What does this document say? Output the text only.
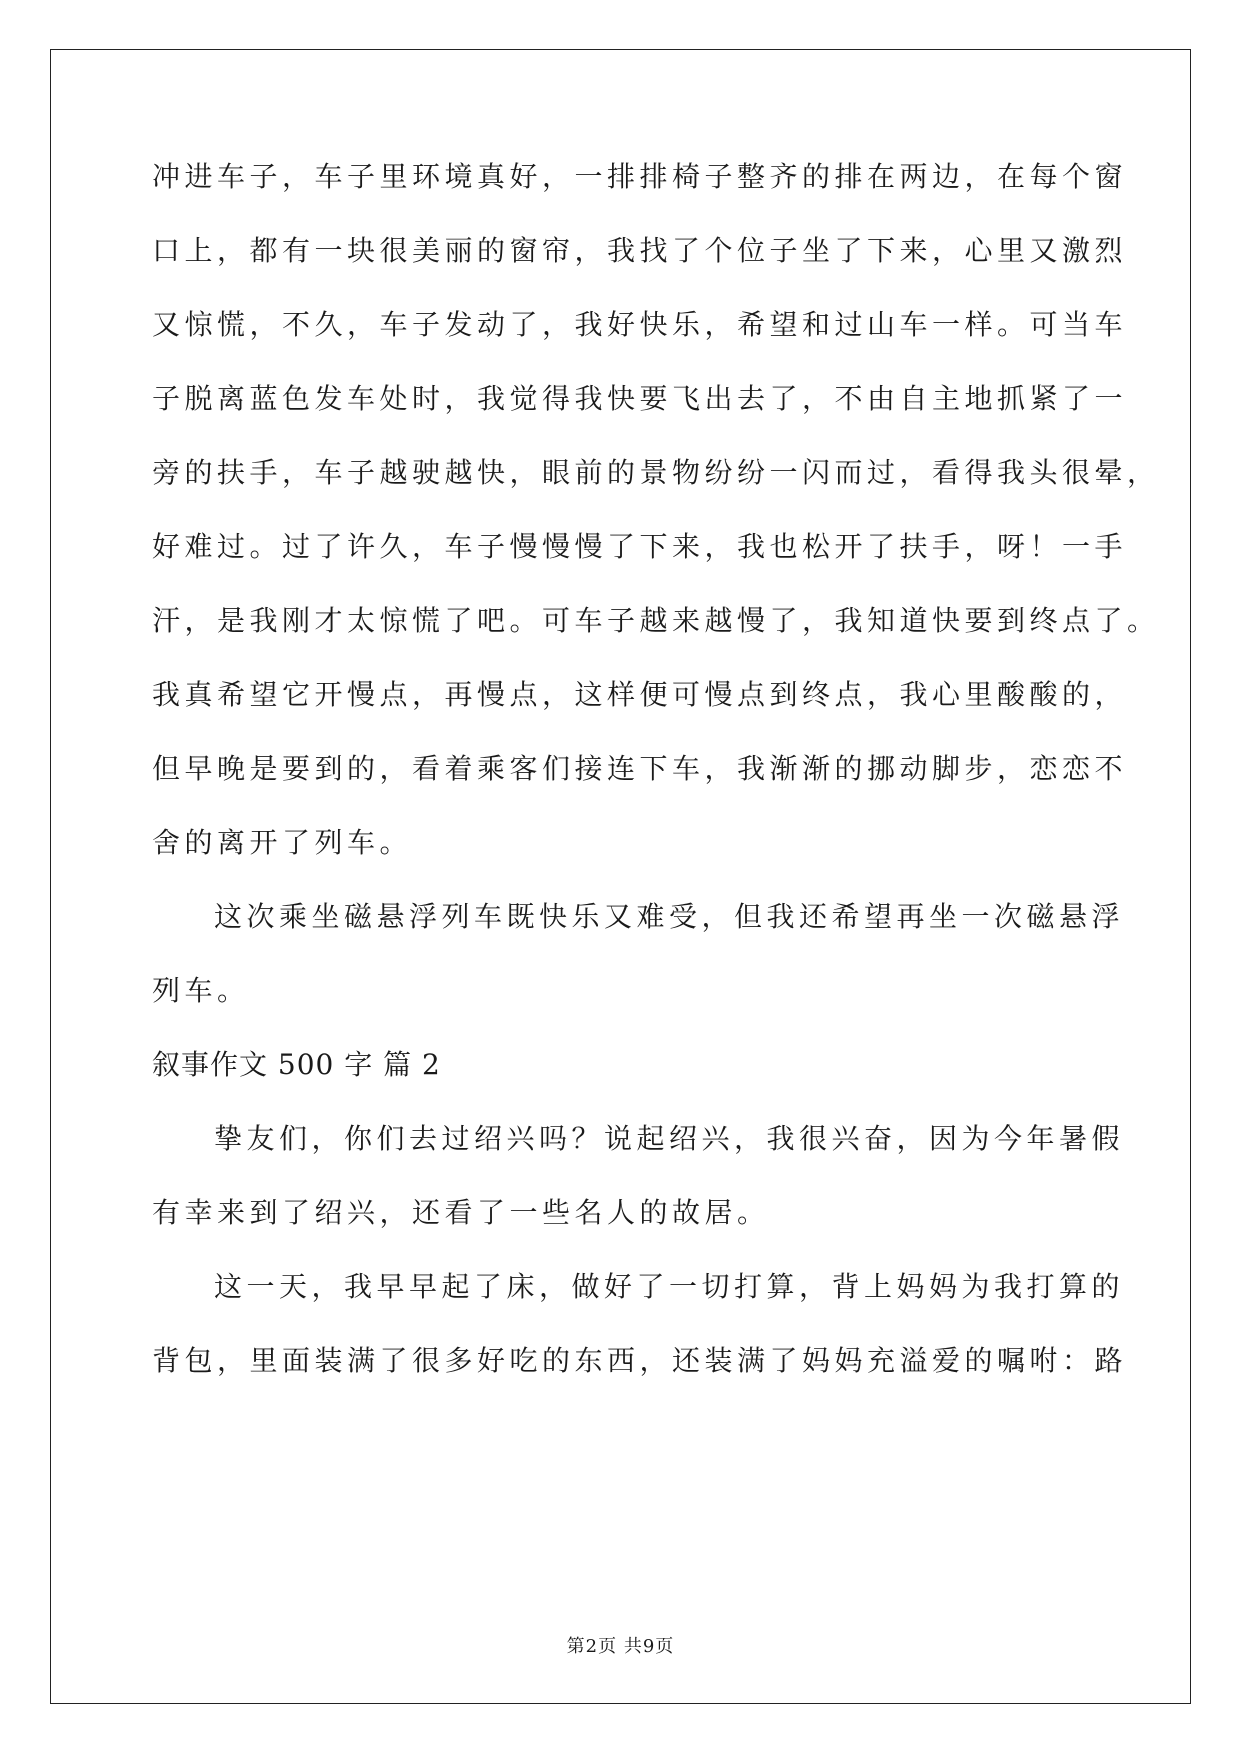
冲进车子，车子里环境真好，一排排椅子整齐的排在两边，在每个窗
口上，都有一块很美丽的窗帘，我找了个位子坐了下来，心里又激烈
又惊慌，不久，车子发动了，我好快乐，希望和过山车一样。可当车
子脱离蓝色发车处时，我觉得我快要飞出去了，不由自主地抓紧了一
旁的扶手，车子越驶越快，眼前的景物纷纷一闪而过，看得我头很晕，
好难过。过了许久，车子慢慢慢了下来，我也松开了扶手，呀！一手
汗，是我刚才太惊慌了吧。可车子越来越慢了，我知道快要到终点了。
我真希望它开慢点，再慢点，这样便可慢点到终点，我心里酸酸的，
但早晚是要到的，看着乘客们接连下车，我渐渐的挪动脚步，恋恋不
舍的离开了列车。
这次乘坐磁悬浮列车既快乐又难受，但我还希望再坐一次磁悬浮
列车。
叙事作文 500 字 篇 2
挚友们，你们去过绍兴吗？说起绍兴，我很兴奋，因为今年暑假
有幸来到了绍兴，还看了一些名人的故居。
这一天，我早早起了床，做好了一切打算，背上妈妈为我打算的
背包，里面装满了很多好吃的东西，还装满了妈妈充溢爱的嘱咐：路
第2页 共9页
